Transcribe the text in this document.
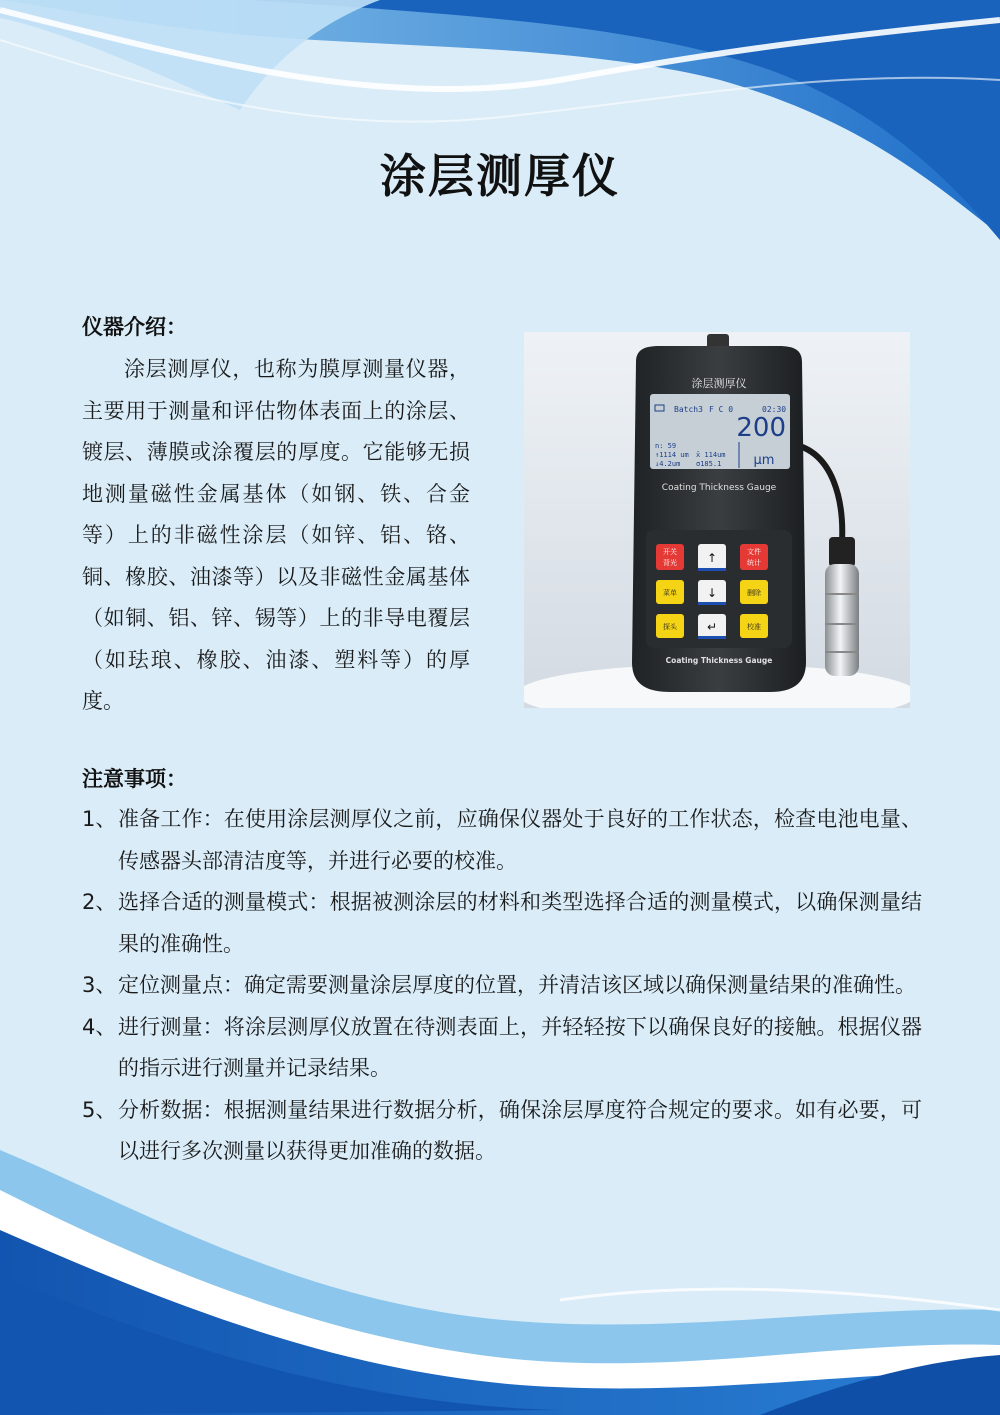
涂层测厚仪
仪器介绍：

涂层测厚仪，也称为膜厚测量仪器，主要用于测量和评估物体表面上的涂层、镀层、薄膜或涂覆层的厚度。它能够无损地测量磁性金属基体（如钢、铁、合金等）上的非磁性涂层（如锌、铝、铬、铜、橡胶、油漆等）以及非磁性金属基体（如铜、铝、锌、锡等）上的非导电覆层（如珐琅、橡胶、油漆、塑料等）的厚度。

涂层测厚仪
Batch3 F C 0	02:30
200
n: 59
↑1114 um x̄ 114um
↓4.2um σ185.1 μm
Coating Thickness Gauge
开关
背光 ↑	文件
统计
菜单 ↓	删除
探头 ↵	校准
Coating Thickness Gauge
注意事项：
1、 准备工作：在使用涂层测厚仪之前，应确保仪器处于良好的工作状态，检查电池电量、传感器头部清洁度等，并进行必要的校准。
2、 选择合适的测量模式：根据被测涂层的材料和类型选择合适的测量模式，以确保测量结果的准确性。
3、 定位测量点：确定需要测量涂层厚度的位置，并清洁该区域以确保测量结果的准确性。
4、 进行测量：将涂层测厚仪放置在待测表面上，并轻轻按下以确保良好的接触。根据仪器的指示进行测量并记录结果。
5、 分析数据：根据测量结果进行数据分析，确保涂层厚度符合规定的要求。如有必要，可以进行多次测量以获得更加准确的数据。
